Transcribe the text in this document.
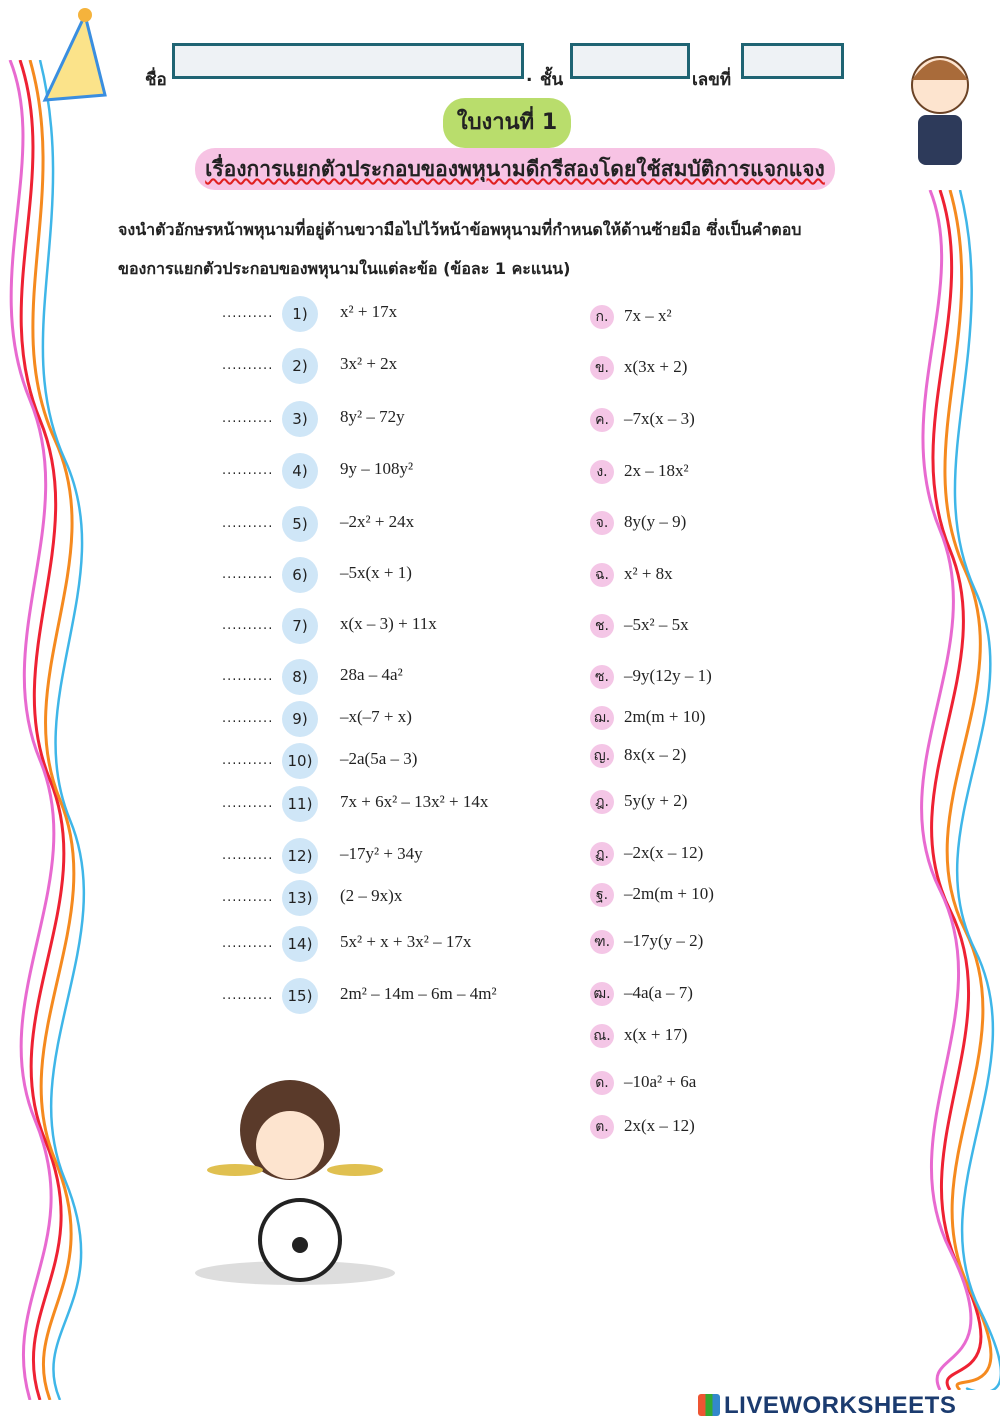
ชื่อ	. ชั้น	เลขที่
ใบงานที่ 1
เรื่องการแยกตัวประกอบของพหุนามดีกรีสองโดยใช้สมบัติการแจกแจง
จงนำตัวอักษรหน้าพหุนามที่อยู่ด้านขวามือไปไว้หน้าข้อพหุนามที่กำหนดให้ด้านซ้ายมือ ซึ่งเป็นคำตอบ
ของการแยกตัวประกอบของพหุนามในแต่ละข้อ (ข้อละ 1 คะแนน)
..........	1)	x² + 17x
..........	2)	3x² + 2x
..........	3)	8y² – 72y
..........	4)	9y – 108y²
..........	5)	–2x² + 24x
..........	6)	–5x(x + 1)
..........	7)	x(x – 3) + 11x
..........	8)	28a – 4a²
..........	9)	–x(–7 + x)
.......... 10)	–2a(5a – 3)
.......... 11)	7x + 6x² – 13x² + 14x
.......... 12)	–17y² + 34y
.......... 13)	(2 – 9x)x
.......... 14)	5x² + x + 3x² – 17x
.......... 15)	2m² – 14m – 6m – 4m²
ก. 7x – x²
ข. x(3x + 2)
ค. –7x(x – 3)
ง. 2x – 18x²
จ. 8y(y – 9)
ฉ. x² + 8x
ช. –5x² – 5x
ซ. –9y(12y – 1)
ฌ. 2m(m + 10)
ญ. 8x(x – 2)
ฎ. 5y(y + 2)
ฏ. –2x(x – 12)
ฐ. –2m(m + 10)
ฑ. –17y(y – 2)
ฒ. –4a(a – 7)
ณ. x(x + 17)
ด. –10a² + 6a
ต. 2x(x – 12)
LIVEWORKSHEETS
